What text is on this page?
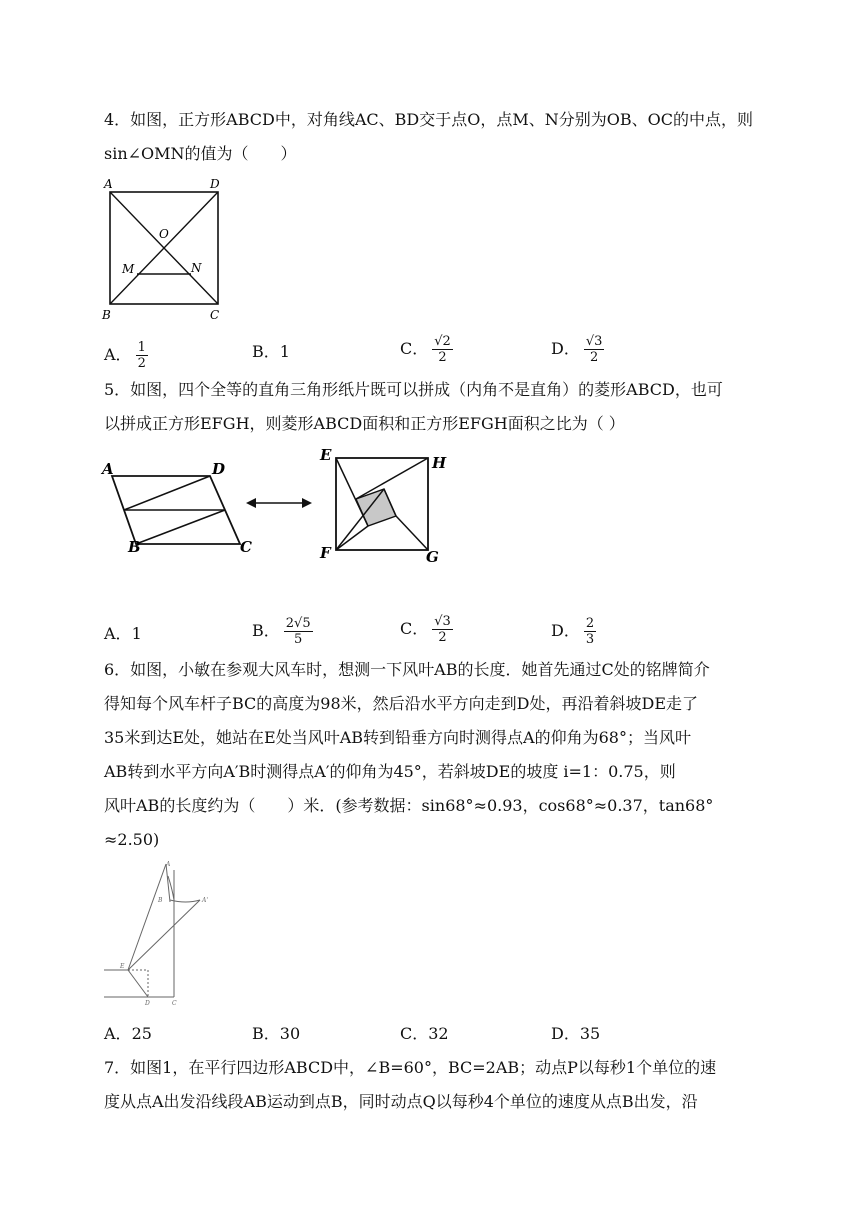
4．如图，正方形ABCD中，对角线AC、BD交于点O，点M、N分别为OB、OC的中点，则
sin∠OMN的值为（　　）
A	D
O
M	N
B	C
A． $\frac{1}{2}$	B．1	C． $\frac{√2}{2}$	D． $\frac{√3}{2}$
5．如图，四个全等的直角三角形纸片既可以拼成（内角不是直角）的菱形ABCD，也可
以拼成正方形EFGH，则菱形ABCD面积和正方形EFGH面积之比为（ ）
A	D
B	C
E	H
F	G
A．1	B． $\frac{2√5}{5}$	C． $\frac{√3}{2}$	D． $\frac{2}{3}$
6．如图，小敏在参观大风车时，想测一下风叶AB的长度．她首先通过C处的铭牌简介
得知每个风车杆子BC的高度为98米，然后沿水平方向走到D处，再沿着斜坡DE走了
35米到达E处，她站在E处当风叶AB转到铅垂方向时测得点A的仰角为68°；当风叶
AB转到水平方向A′B时测得点A′的仰角为45°，若斜坡DE的坡度 i=1：0.75，则
风叶AB的长度约为（　　）米．(参考数据：sin68°≈0.93，cos68°≈0.37，tan68°
≈2.50)
A
B	A'
E
D	C
A．25	B．30	C．32	D．35
7．如图1，在平行四边形ABCD中，∠B=60°，BC=2AB；动点P以每秒1个单位的速
度从点A出发沿线段AB运动到点B，同时动点Q以每秒4个单位的速度从点B出发，沿
